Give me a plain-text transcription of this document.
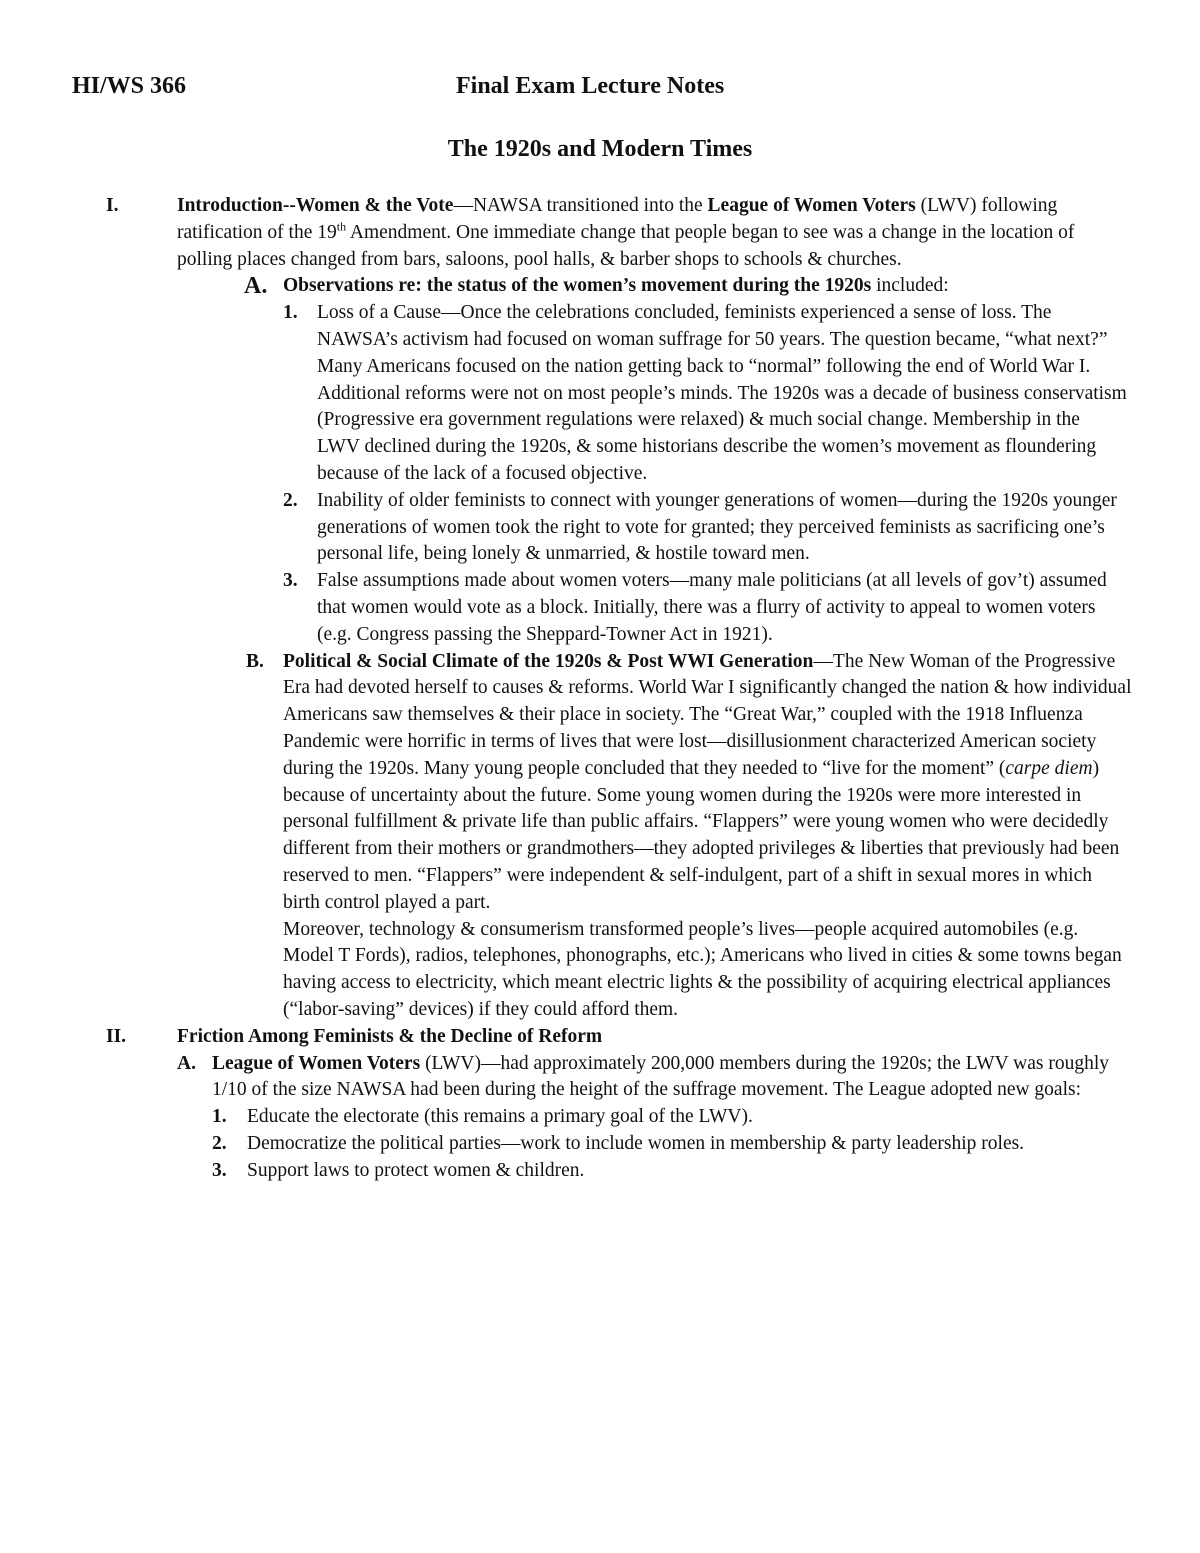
HI/WS 366	Final Exam Lecture Notes
The 1920s and Modern Times
I.	Introduction--Women & the Vote—NAWSA transitioned into the League of Women Voters (LWV) following ratification of the 19th Amendment. One immediate change that people began to see was a change in the location of polling places changed from bars, saloons, pool halls, & barber shops to schools & churches.
A. Observations re: the status of the women’s movement during the 1920s included:
1. Loss of a Cause—Once the celebrations concluded, feminists experienced a sense of loss. The NAWSA’s activism had focused on woman suffrage for 50 years. The question became, “what next?” Many Americans focused on the nation getting back to “normal” following the end of World War I. Additional reforms were not on most people’s minds. The 1920s was a decade of business conservatism (Progressive era government regulations were relaxed) & much social change. Membership in the LWV declined during the 1920s, & some historians describe the women’s movement as floundering because of the lack of a focused objective.
2. Inability of older feminists to connect with younger generations of women—during the 1920s younger generations of women took the right to vote for granted; they perceived feminists as sacrificing one’s personal life, being lonely & unmarried, & hostile toward men.
3. False assumptions made about women voters—many male politicians (at all levels of gov’t) assumed that women would vote as a block. Initially, there was a flurry of activity to appeal to women voters (e.g. Congress passing the Sheppard-Towner Act in 1921).
B. Political & Social Climate of the 1920s & Post WWI Generation—The New Woman of the Progressive Era had devoted herself to causes & reforms. World War I significantly changed the nation & how individual Americans saw themselves & their place in society. The “Great War,” coupled with the 1918 Influenza Pandemic were horrific in terms of lives that were lost—disillusionment characterized American society during the 1920s. Many young people concluded that they needed to “live for the moment” (carpe diem) because of uncertainty about the future. Some young women during the 1920s were more interested in personal fulfillment & private life than public affairs. “Flappers” were young women who were decidedly different from their mothers or grandmothers—they adopted privileges & liberties that previously had been reserved to men. “Flappers” were independent & self-indulgent, part of a shift in sexual mores in which birth control played a part.
Moreover, technology & consumerism transformed people’s lives—people acquired automobiles (e.g. Model T Fords), radios, telephones, phonographs, etc.); Americans who lived in cities & some towns began having access to electricity, which meant electric lights & the possibility of acquiring electrical appliances (“labor-saving” devices) if they could afford them.
II.	Friction Among Feminists & the Decline of Reform
A. League of Women Voters (LWV)—had approximately 200,000 members during the 1920s; the LWV was roughly 1/10 of the size NAWSA had been during the height of the suffrage movement. The League adopted new goals:
1. Educate the electorate (this remains a primary goal of the LWV).
2. Democratize the political parties—work to include women in membership & party leadership roles.
3. Support laws to protect women & children.
